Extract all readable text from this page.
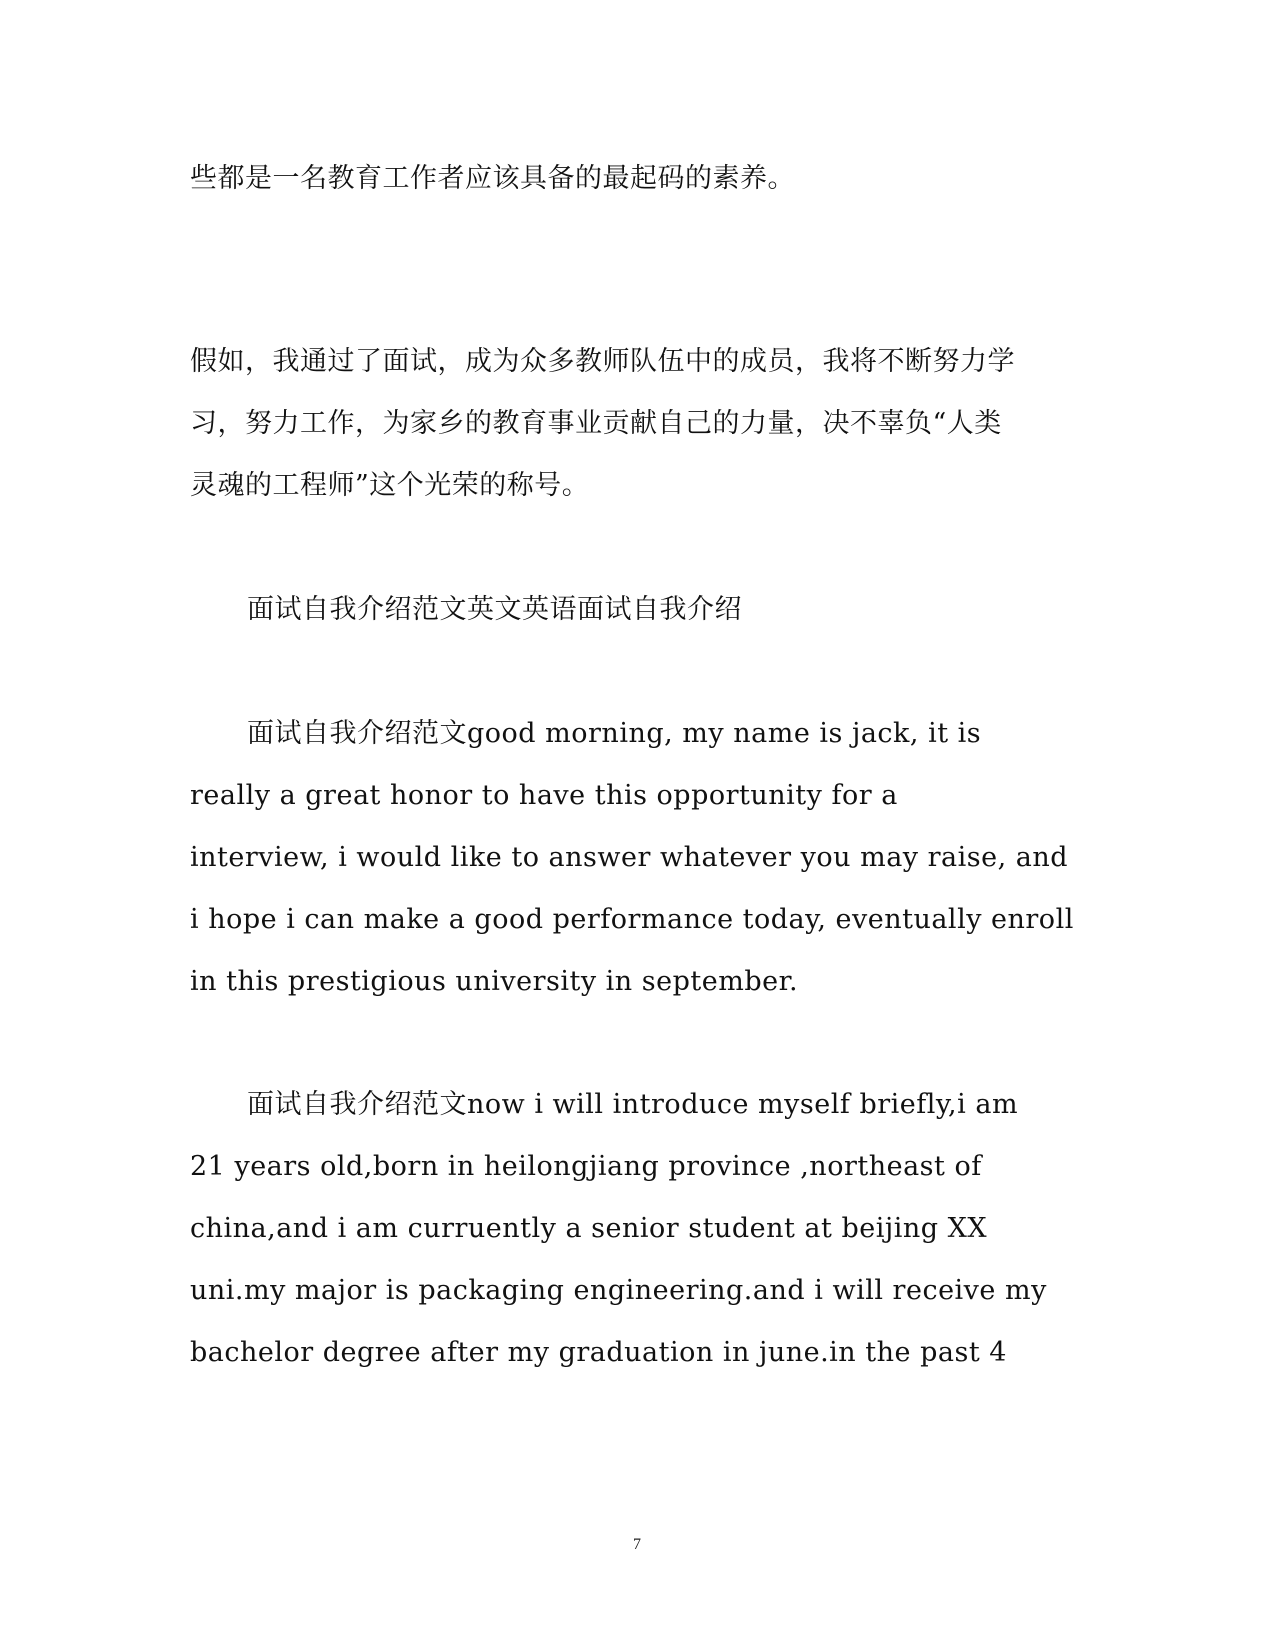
些都是一名教育工作者应该具备的最起码的素养。
假如，我通过了面试，成为众多教师队伍中的成员，我将不断努力学
习，努力工作，为家乡的教育事业贡献自己的力量，决不辜负“人类
灵魂的工程师”这个光荣的称号。
面试自我介绍范文英文英语面试自我介绍
面试自我介绍范文good morning, my name is jack, it is
really a great honor to have this opportunity for a
interview, i would like to answer whatever you may raise, and
i hope i can make a good performance today, eventually enroll
in this prestigious university in september.
面试自我介绍范文now i will introduce myself briefly,i am
21 years old,born in heilongjiang province ,northeast of
china,and i am curruently a senior student at beijing XX
uni.my major is packaging engineering.and i will receive my
bachelor degree after my graduation in june.in the past 4
7
